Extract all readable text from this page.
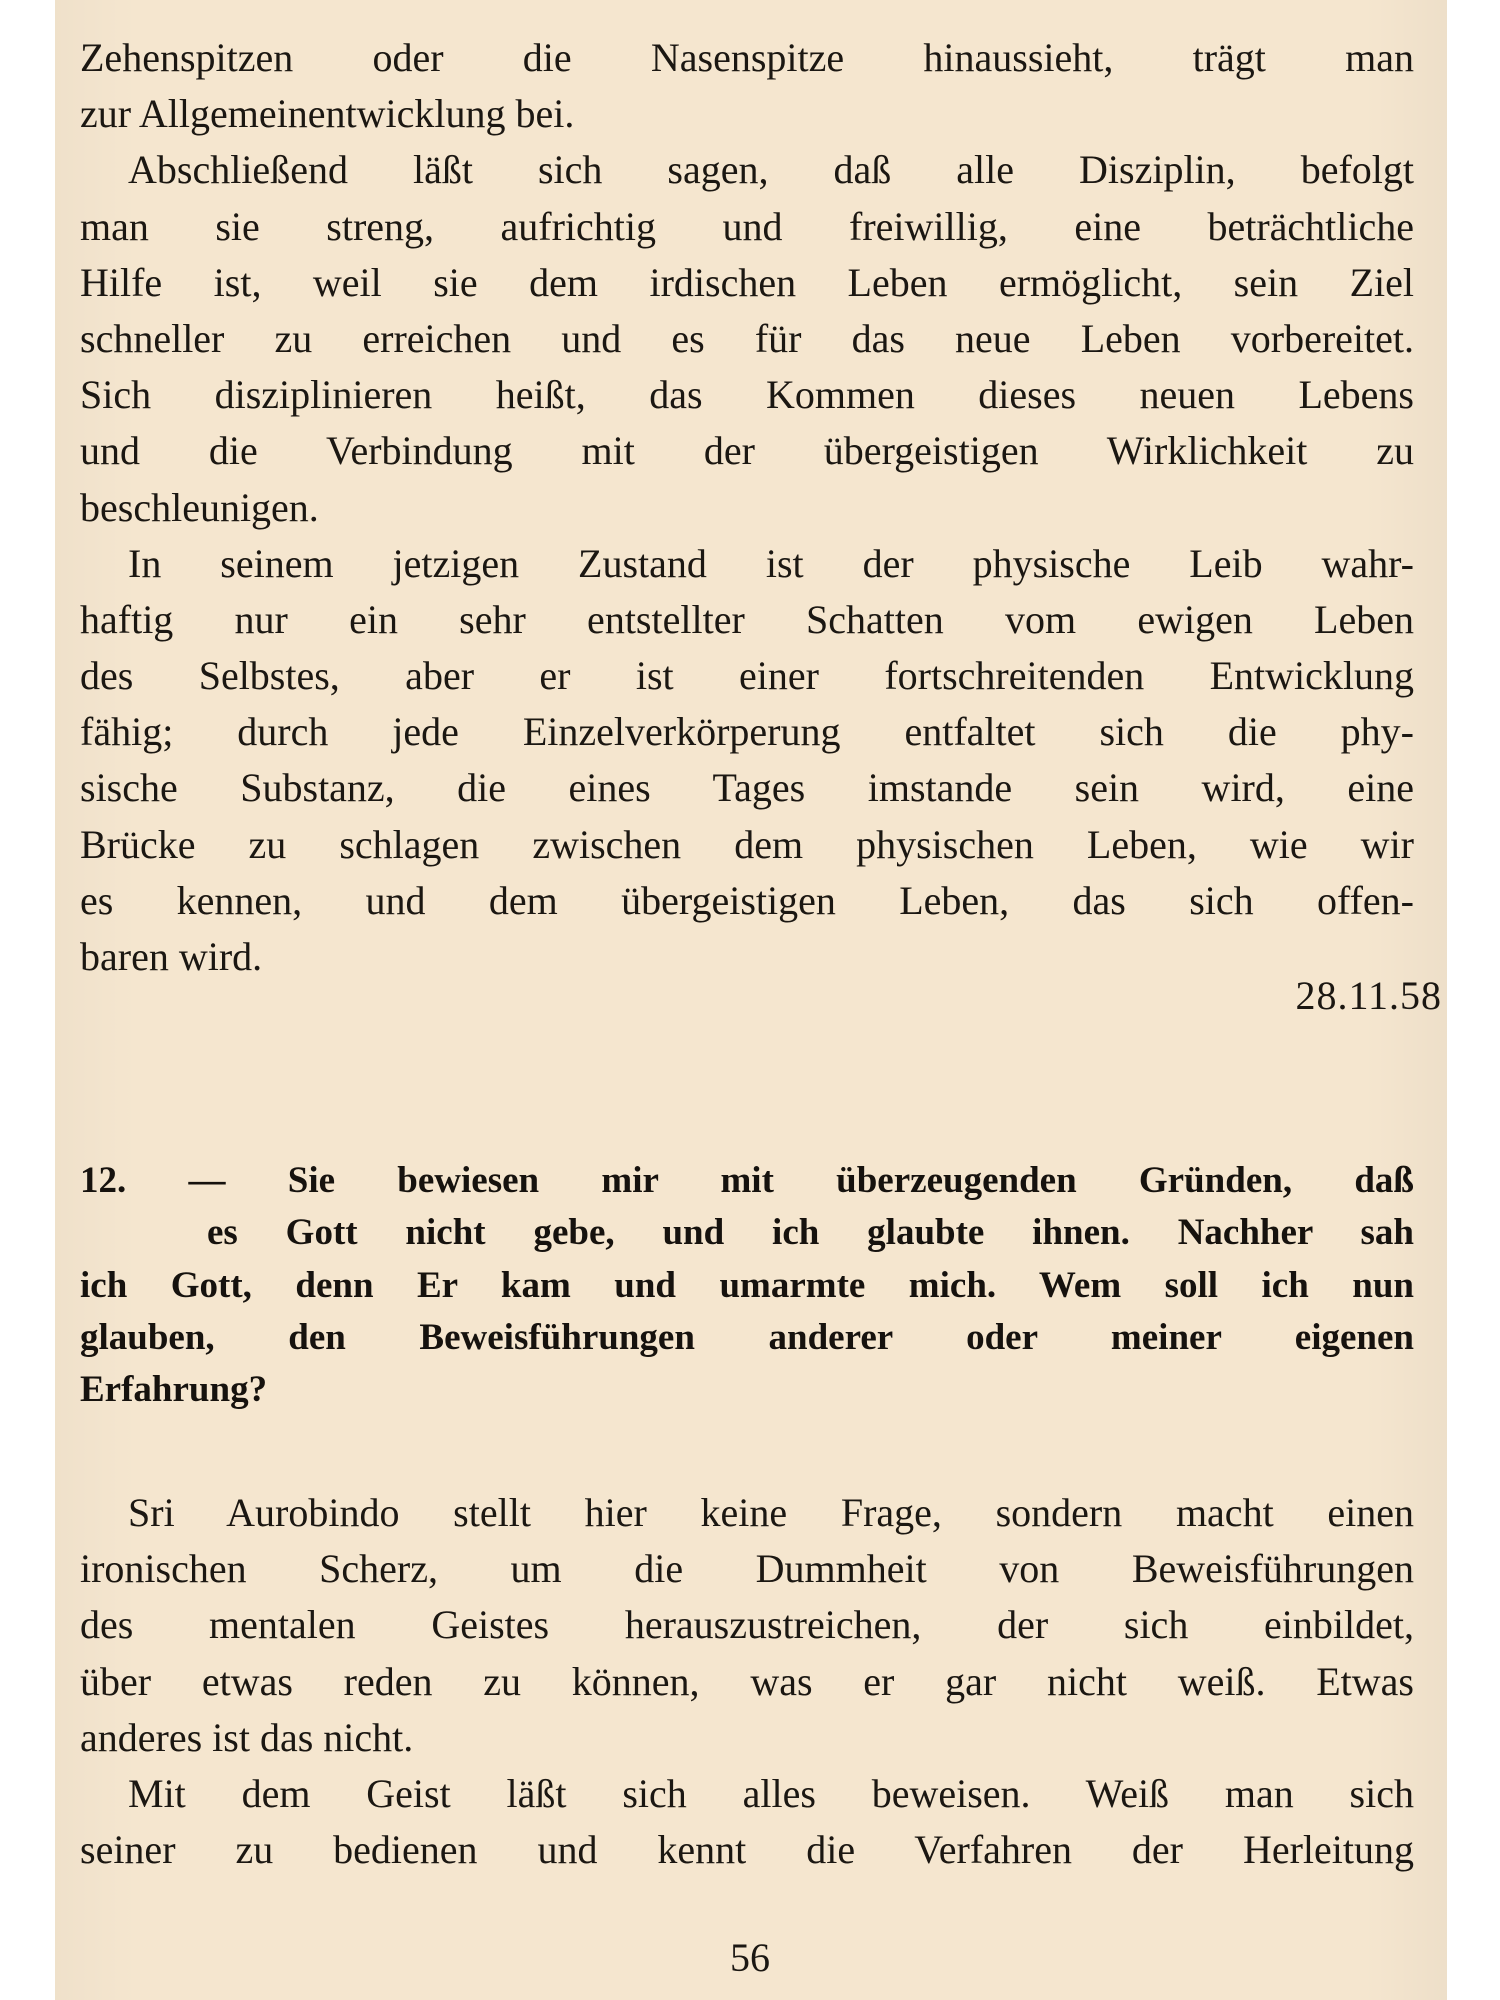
Zehenspitzen oder die Nasenspitze hinaussieht, trägt man
zur Allgemeinentwicklung bei.
Abschließend läßt sich sagen, daß alle Disziplin, befolgt
man sie streng, aufrichtig und freiwillig, eine beträchtliche
Hilfe ist, weil sie dem irdischen Leben ermöglicht, sein Ziel
schneller zu erreichen und es für das neue Leben vorbereitet.
Sich disziplinieren heißt, das Kommen dieses neuen Lebens
und die Verbindung mit der übergeistigen Wirklichkeit zu
beschleunigen.
In seinem jetzigen Zustand ist der physische Leib wahr-
haftig nur ein sehr entstellter Schatten vom ewigen Leben
des Selbstes, aber er ist einer fortschreitenden Entwicklung
fähig; durch jede Einzelverkörperung entfaltet sich die phy-
sische Substanz, die eines Tages imstande sein wird, eine
Brücke zu schlagen zwischen dem physischen Leben, wie wir
es kennen, und dem übergeistigen Leben, das sich offen-
baren wird.
28.11.58
12. — Sie bewiesen mir mit überzeugenden Gründen, daß
es Gott nicht gebe, und ich glaubte ihnen. Nachher sah
ich Gott, denn Er kam und umarmte mich. Wem soll ich nun
glauben, den Beweisführungen anderer oder meiner eigenen
Erfahrung?
Sri Aurobindo stellt hier keine Frage, sondern macht einen
ironischen Scherz, um die Dummheit von Beweisführungen
des mentalen Geistes herauszustreichen, der sich einbildet,
über etwas reden zu können, was er gar nicht weiß. Etwas
anderes ist das nicht.
Mit dem Geist läßt sich alles beweisen. Weiß man sich
seiner zu bedienen und kennt die Verfahren der Herleitung
56
